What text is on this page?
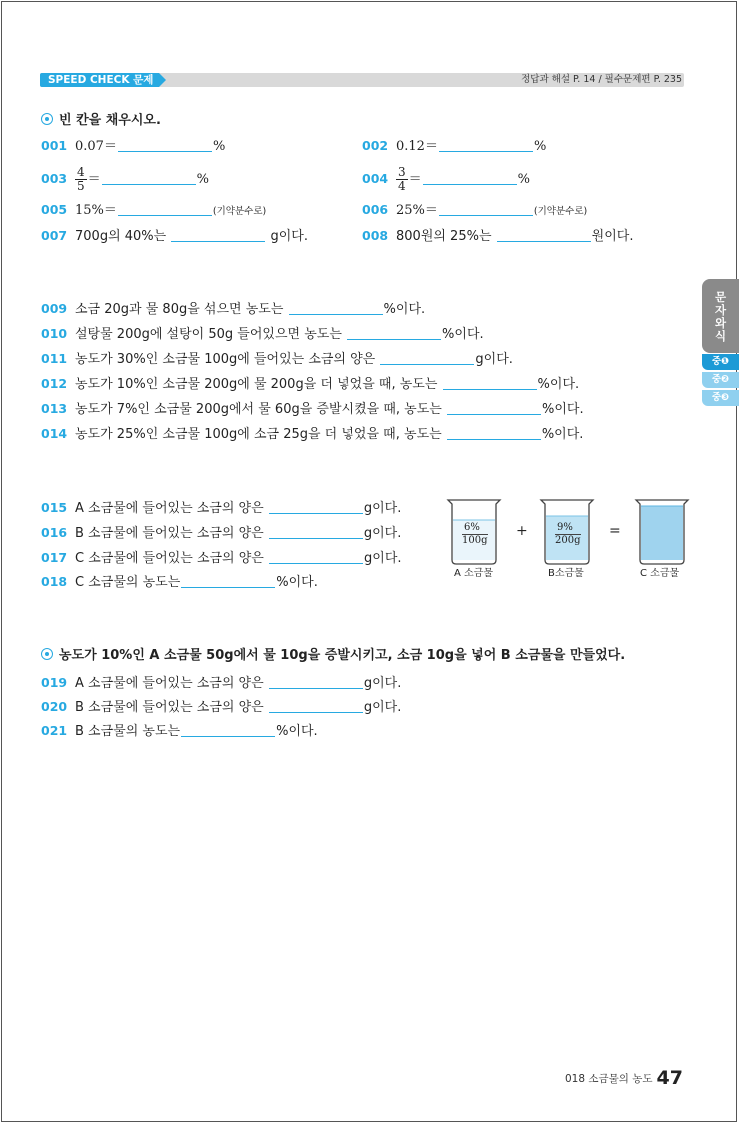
SPEED CHECK 문제	정답과 해설 P. 14 / 필수문제편 P. 235
빈 칸을 채우시오.
001 0.07＝	%	002 0.12＝	%
$003 \frac{4}{5}$ ＝	%	$004 \frac{3}{4}$ ＝	%
005 15%＝	(기약분수로)	006 25%＝	(기약분수로)
007 700g의 40%는	g이다.	008 800원의 25%는	원이다.
009 소금 20g과 물 80g을 섞으면 농도는	%이다.
010 설탕물 200g에 설탕이 50g 들어있으면 농도는	%이다.
011 농도가 30%인 소금물 100g에 들어있는 소금의 양은	g이다.
012 농도가 10%인 소금물 200g에 물 200g을 더 넣었을 때, 농도는	%이다.
013 농도가 7%인 소금물 200g에서 물 60g을 증발시켰을 때, 농도는	%이다.
014 농도가 25%인 소금물 100g에 소금 25g을 더 넣었을 때, 농도는	%이다.
015 A 소금물에 들어있는 소금의 양은	g이다.
016 B 소금물에 들어있는 소금의 양은	g이다.
017 C 소금물에 들어있는 소금의 양은	g이다.
018 C 소금물의 농도는	%이다.
6%
100g
9%
200g
+	=
A 소금물	B소금물	C 소금물
농도가 10%인 A 소금물 50g에서 물 10g을 증발시키고, 소금 10g을 넣어 B 소금물을 만들었다.
019 A 소금물에 들어있는 소금의 양은	g이다.
020 B 소금물에 들어있는 소금의 양은	g이다.
021 B 소금물의 농도는	%이다.
문
자
와
식
중❶
중❷
중❸
018 소금물의 농도 47
